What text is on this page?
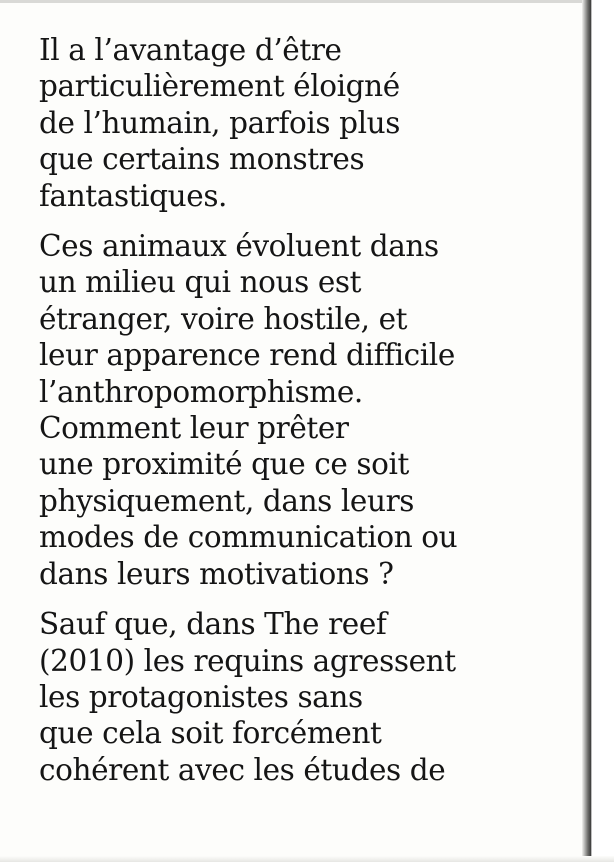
Il a l’avantage d’être
particulièrement éloigné
de l’humain, parfois plus
que certains monstres
fantastiques.

Ces animaux évoluent dans
un milieu qui nous est
étranger, voire hostile, et
leur apparence rend difficile
l’anthropomorphisme.
Comment leur prêter
une proximité que ce soit
physiquement, dans leurs
modes de communication ou
dans leurs motivations ?

Sauf que, dans The reef
(2010) les requins agressent
les protagonistes sans
que cela soit forcément
cohérent avec les études de
